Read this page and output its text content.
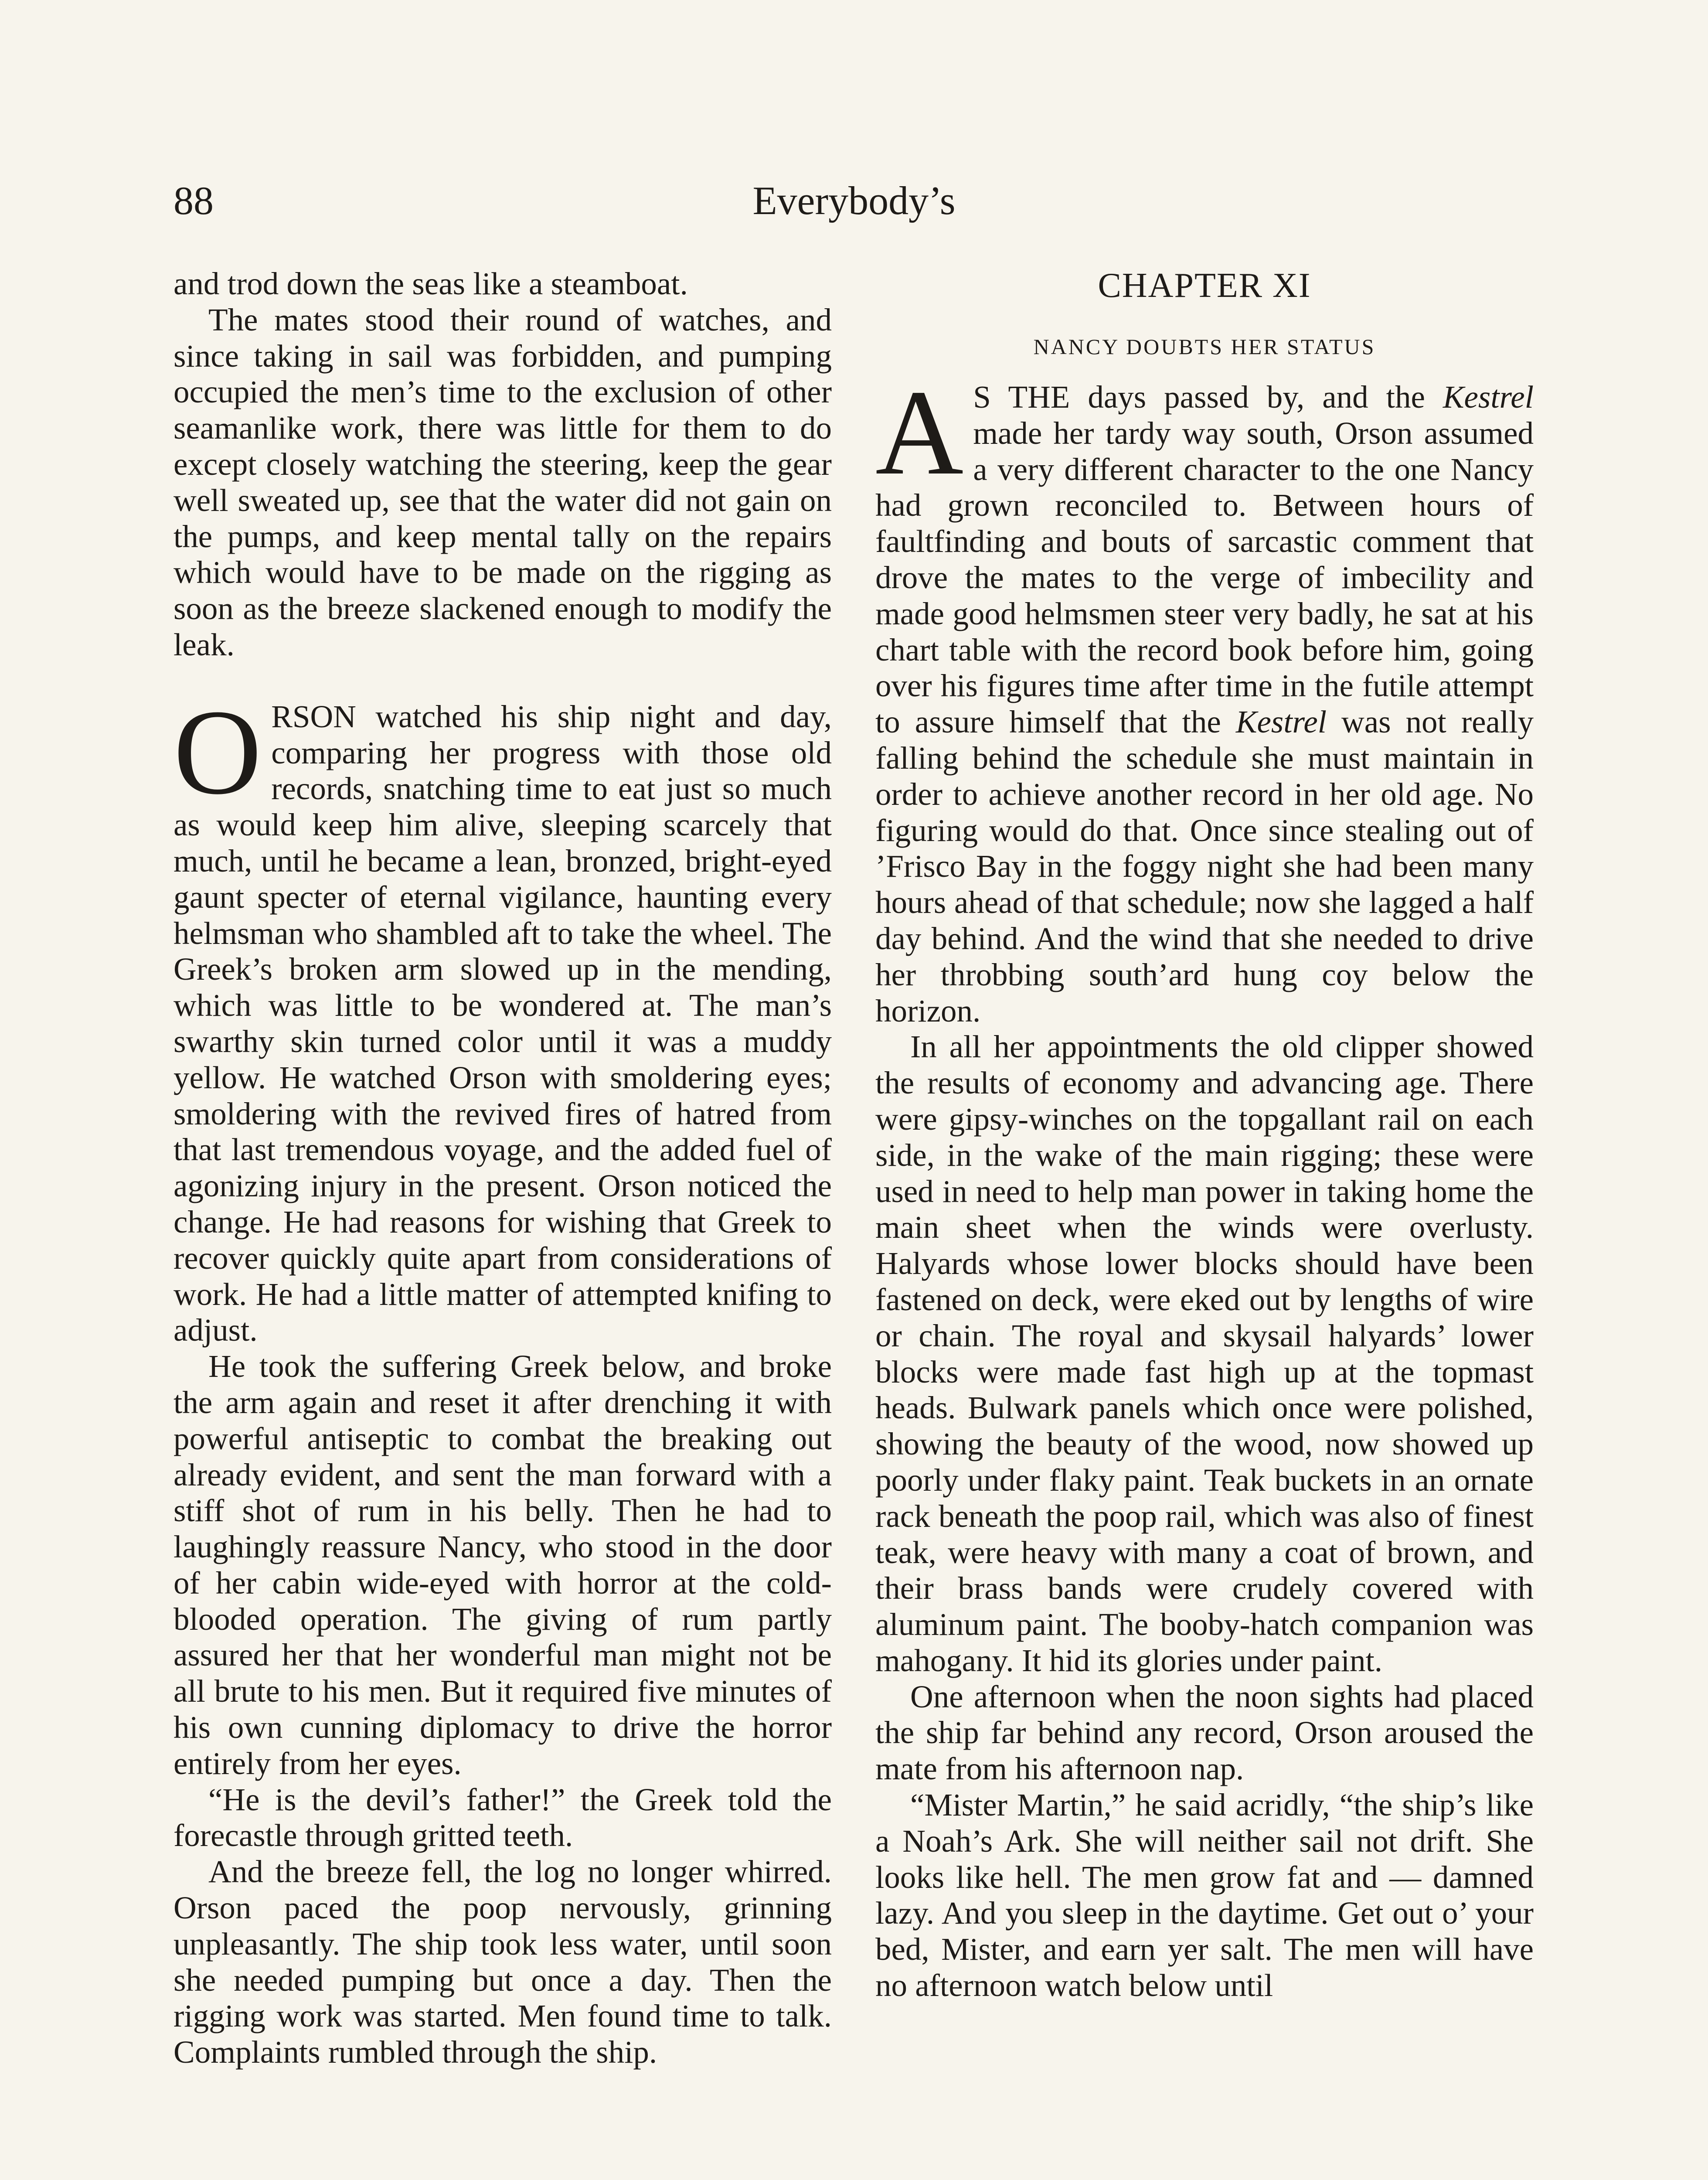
88	Everybody’s

and trod down the seas like a steamboat.

The mates stood their round of watches, and since taking in sail was forbidden, and pumping occupied the men’s time to the exclusion of other seamanlike work, there was little for them to do except closely watching the steering, keep the gear well sweated up, see that the water did not gain on the pumps, and keep mental tally on the repairs which would have to be made on the rigging as soon as the breeze slackened enough to modify the leak.

ORSON watched his ship night and day, comparing her progress with those old records, snatching time to eat just so much as would keep him alive, sleeping scarcely that much, until he became a lean, bronzed, bright-eyed gaunt specter of eternal vigilance, haunting every helmsman who shambled aft to take the wheel. The Greek’s broken arm slowed up in the mending, which was little to be wondered at. The man’s swarthy skin turned color until it was a muddy yellow. He watched Orson with smoldering eyes; smoldering with the revived fires of hatred from that last tremendous voyage, and the added fuel of agonizing injury in the present. Orson noticed the change. He had reasons for wishing that Greek to recover quickly quite apart from considerations of work. He had a little matter of attempted knifing to adjust.

He took the suffering Greek below, and broke the arm again and reset it after drenching it with powerful antiseptic to combat the breaking out already evident, and sent the man forward with a stiff shot of rum in his belly. Then he had to laughingly reassure Nancy, who stood in the door of her cabin wide-eyed with horror at the cold-blooded operation. The giving of rum partly assured her that her wonderful man might not be all brute to his men. But it required five minutes of his own cunning diplomacy to drive the horror entirely from her eyes.

“He is the devil’s father!” the Greek told the forecastle through gritted teeth.

And the breeze fell, the log no longer whirred. Orson paced the poop nervously, grinning unpleasantly. The ship took less water, until soon she needed pumping but once a day. Then the rigging work was started. Men found time to talk. Complaints rumbled through the ship.

CHAPTER XI
NANCY DOUBTS HER STATUS

A S THE days passed by, and the Kestrel made her tardy way south, Orson assumed a very different character to the one Nancy had grown reconciled to. Between hours of faultfinding and bouts of sarcastic comment that drove the mates to the verge of imbecility and made good helmsmen steer very badly, he sat at his chart table with the record book before him, going over his figures time after time in the futile attempt to assure himself that the Kestrel was not really falling behind the schedule she must maintain in order to achieve another record in her old age. No figuring would do that. Once since stealing out of ’Frisco Bay in the foggy night she had been many hours ahead of that schedule; now she lagged a half day behind. And the wind that she needed to drive her throbbing south’ard hung coy below the horizon.

In all her appointments the old clipper showed the results of economy and advancing age. There were gipsy-winches on the topgallant rail on each side, in the wake of the main rigging; these were used in need to help man power in taking home the main sheet when the winds were overlusty. Halyards whose lower blocks should have been fastened on deck, were eked out by lengths of wire or chain. The royal and skysail halyards’ lower blocks were made fast high up at the topmast heads. Bulwark panels which once were polished, showing the beauty of the wood, now showed up poorly under flaky paint. Teak buckets in an ornate rack beneath the poop rail, which was also of finest teak, were heavy with many a coat of brown, and their brass bands were crudely covered with aluminum paint. The booby-hatch companion was mahogany. It hid its glories under paint.

One afternoon when the noon sights had placed the ship far behind any record, Orson aroused the mate from his afternoon nap.

“Mister Martin,” he said acridly, “the ship’s like a Noah’s Ark. She will neither sail not drift. She looks like hell. The men grow fat and — damned lazy. And you sleep in the daytime. Get out o’ your bed, Mister, and earn yer salt. The men will have no afternoon watch below until
